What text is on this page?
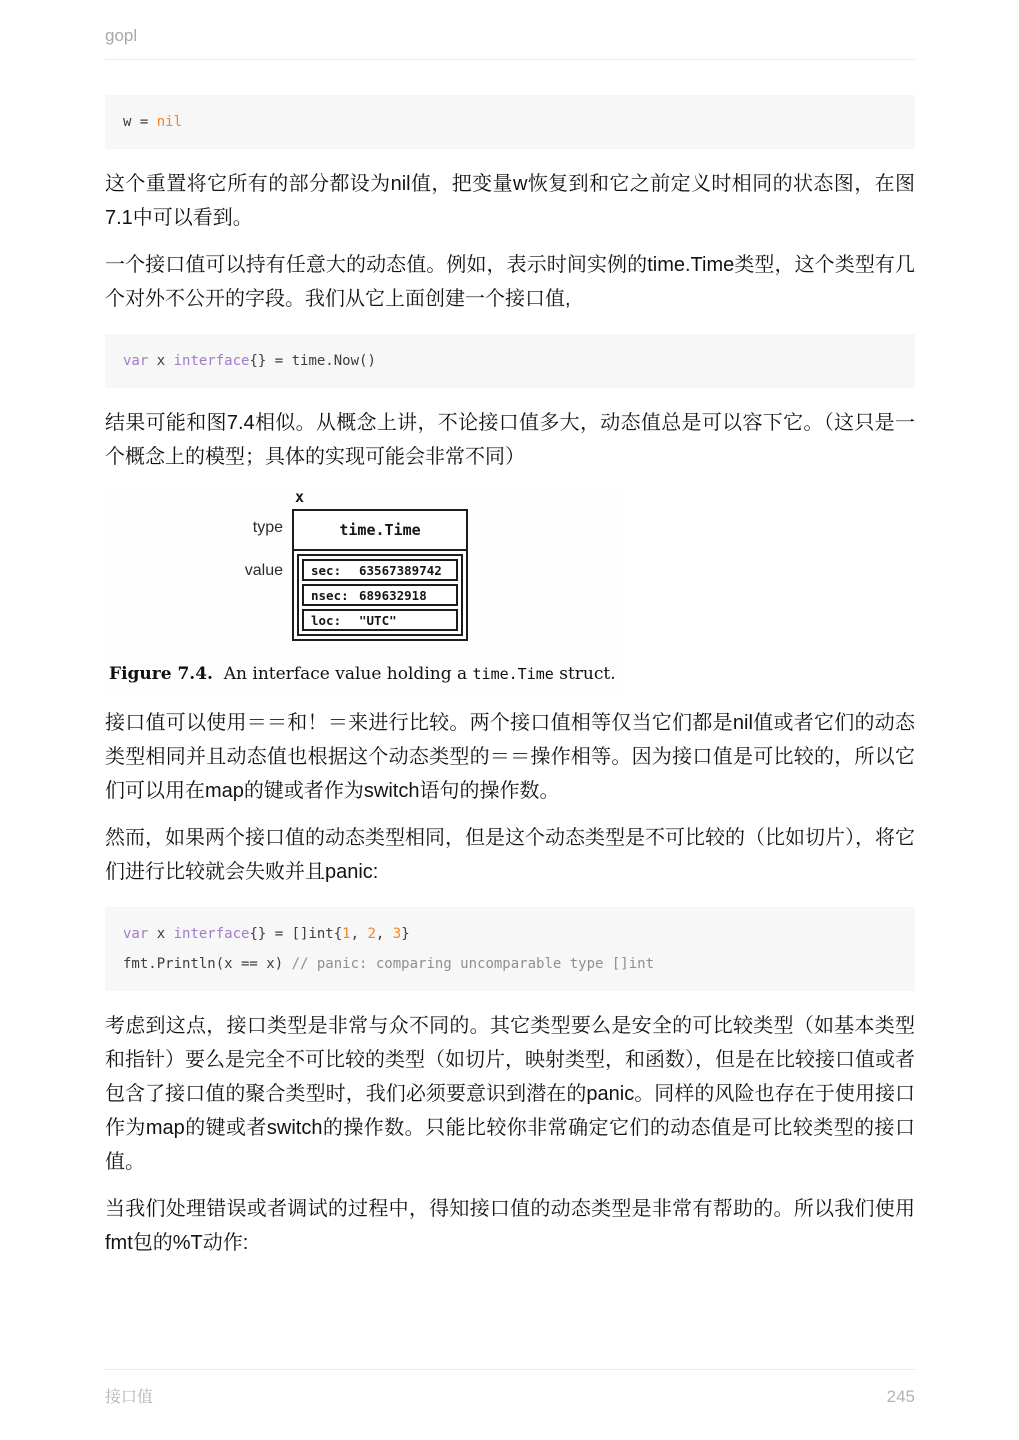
gopl
w = nil

这个重置将它所有的部分都设为nil值，把变量w恢复到和它之前定义时相同的状态图，在图7.1中可以看到。

一个接口值可以持有任意大的动态值。例如，表示时间实例的time.Time类型，这个类型有几个对外不公开的字段。我们从它上面创建一个接口值,

var x interface{} = time.Now()

结果可能和图7.4相似。从概念上讲，不论接口值多大，动态值总是可以容下它。（这只是一个概念上的模型；具体的实现可能会非常不同）

x
type
value
time.Time
sec:	63567389742
nsec: 689632918
loc:	"UTC"
Figure 7.4.  An interface value holding a time.Time struct.

接口值可以使用＝＝和！＝来进行比较。两个接口值相等仅当它们都是nil值或者它们的动态类型相同并且动态值也根据这个动态类型的＝＝操作相等。因为接口值是可比较的，所以它们可以用在map的键或者作为switch语句的操作数。

然而，如果两个接口值的动态类型相同，但是这个动态类型是不可比较的（比如切片），将它们进行比较就会失败并且panic:

var x interface{} = []int{1, 2, 3}
fmt.Println(x == x) // panic: comparing uncomparable type []int

考虑到这点，接口类型是非常与众不同的。其它类型要么是安全的可比较类型（如基本类型和指针）要么是完全不可比较的类型（如切片，映射类型，和函数），但是在比较接口值或者包含了接口值的聚合类型时，我们必须要意识到潜在的panic。同样的风险也存在于使用接口作为map的键或者switch的操作数。只能比较你非常确定它们的动态值是可比较类型的接口值。

当我们处理错误或者调试的过程中，得知接口值的动态类型是非常有帮助的。所以我们使用fmt包的%T动作:

接口值	245
